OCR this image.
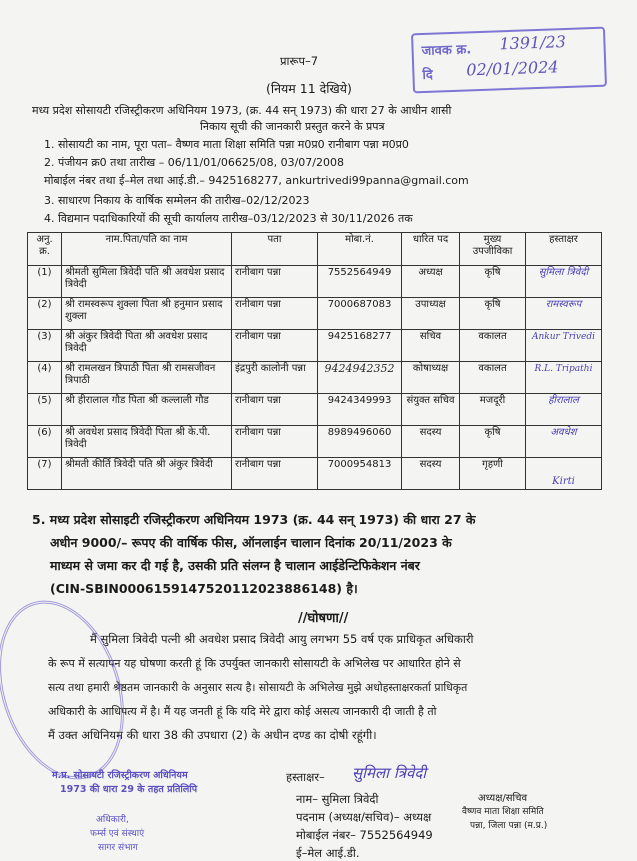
जावक क्र. 1391/23
दि 02/01/2024
प्रारूप–7
(नियम 11 देखिये)
मध्य प्रदेश सोसायटी रजिस्ट्रीकरण अधिनियम 1973, (क्र. 44 सन् 1973) की धारा 27 के आधीन शासी
निकाय सूची की जानकारी प्रस्तुत करने के प्रपत्र
1. सोसायटी का नाम, पूरा पता– वैष्णव माता शिक्षा समिति पन्ना म0प्र0 रानीबाग पन्ना म0प्र0
2. पंजीयन क्र0 तथा तारीख – 06/11/01/06625/08, 03/07/2008
मोबाईल नंबर तथा ई–मेल तथा आई.डी.– 9425168277, ankurtrivedi99panna@gmail.com
3. साधारण निकाय के वार्षिक सम्मेलन की तारीख–02/12/2023
4. विद्यमान पदाधिकारियों की सूची कार्यालय तारीख–03/12/2023 से 30/11/2026 तक
अनु. क्र.	नाम.पिता/पति का नाम	पता	मोबा.नं.	धारित पद	मुख्य उपजीविका	हस्ताक्षर
(1)	श्रीमती सुमिला त्रिवेदी पति श्री अवधेश प्रसाद त्रिवेदी	रानीबाग पन्ना	7552564949	अध्यक्ष	कृषि	सुमिला त्रिवेदी
(2)	श्री रामस्वरूप शुक्ला पिता श्री हनुमान प्रसाद शुक्ला	रानीबाग पन्ना	7000687083	उपाध्यक्ष	कृषि	रामस्वरूप
(3)	श्री अंकुर त्रिवेदी पिता श्री अवधेश प्रसाद त्रिवेदी	रानीबाग पन्ना	9425168277	सचिव	वकालत	Ankur Trivedi
(4)	श्री रामलखन त्रिपाठी पिता श्री रामसजीवन त्रिपाठी	इंद्रपुरी कालोनी पन्ना	9424942352	कोषाध्यक्ष	वकालत	R.L. Tripathi
(5)	श्री हीरालाल गौड पिता श्री कल्लाली गौड	रानीबाग पन्ना	9424349993	संयुक्त सचिव	मजदूरी	हीरालाल
(6)	श्री अवधेश प्रसाद त्रिवेदी पिता श्री के.पी. त्रिवेदी	रानीबाग पन्ना	8989496060	सदस्य	कृषि	अवधेश
(7)	श्रीमती कीर्ति त्रिवेदी पति श्री अंकुर त्रिवेदी	रानीबाग पन्ना	7000954813	सदस्य	गृहणी	Kirti
5. मध्य प्रदेश सोसाइटी रजिस्ट्रीकरण अधिनियम 1973 (क्र. 44 सन् 1973) की धारा 27 के
अधीन 9000/– रूपए की वार्षिक फीस, ऑनलाईन चालान दिनांक 20/11/2023 के
माध्यम से जमा कर दी गई है, उसकी प्रति संलग्न है चालान आईडेन्टिफिकेशन नंबर
(CIN-SBIN00061591475201120238861​48) है।
//घोषणा//
मैं सुमिला त्रिवेदी पत्नी श्री अवधेश प्रसाद त्रिवेदी आयु लगभग 55 वर्ष एक प्राधिकृत अधिकारी
के रूप में सत्यापन यह घोषणा करती हूं कि उपर्युक्त जानकारी सोसायटी के अभिलेख पर आधारित होने से
सत्य तथा हमारी श्रेष्ठतम जानकारी के अनुसार सत्य है। सोसायटी के अभिलेख मुझे अधोहस्ताक्षरकर्ता प्राधिकृत
अधिकारी के आधिपत्य में है। मैं यह जनती हूं कि यदि मेरे द्वारा कोई असत्य जानकारी दी जाती है तो
मैं उक्त अधिनियम की धारा 38 की उपधारा (2) के अधीन दण्ड का दोषी रहूंगी।
म.प्र. सोसायटी रजिस्ट्रीकरण अधिनियम
1973 की धारा 29 के तहत प्रतिलिपि
अधिकारी,
फर्म्स एवं संस्थाएं
सागर संभाग
हस्ताक्षर– सुमिला त्रिवेदी
नाम– सुमिला त्रिवेदी
पदनाम (अध्यक्ष/सचिव)– अध्यक्ष
मोबाईल नंबर– 7552564949
ई–मेल आई.डी.
अध्यक्ष/सचिव
वैष्णव माता शिक्षा समिति
पन्ना, जिला पन्ना (म.प्र.)
